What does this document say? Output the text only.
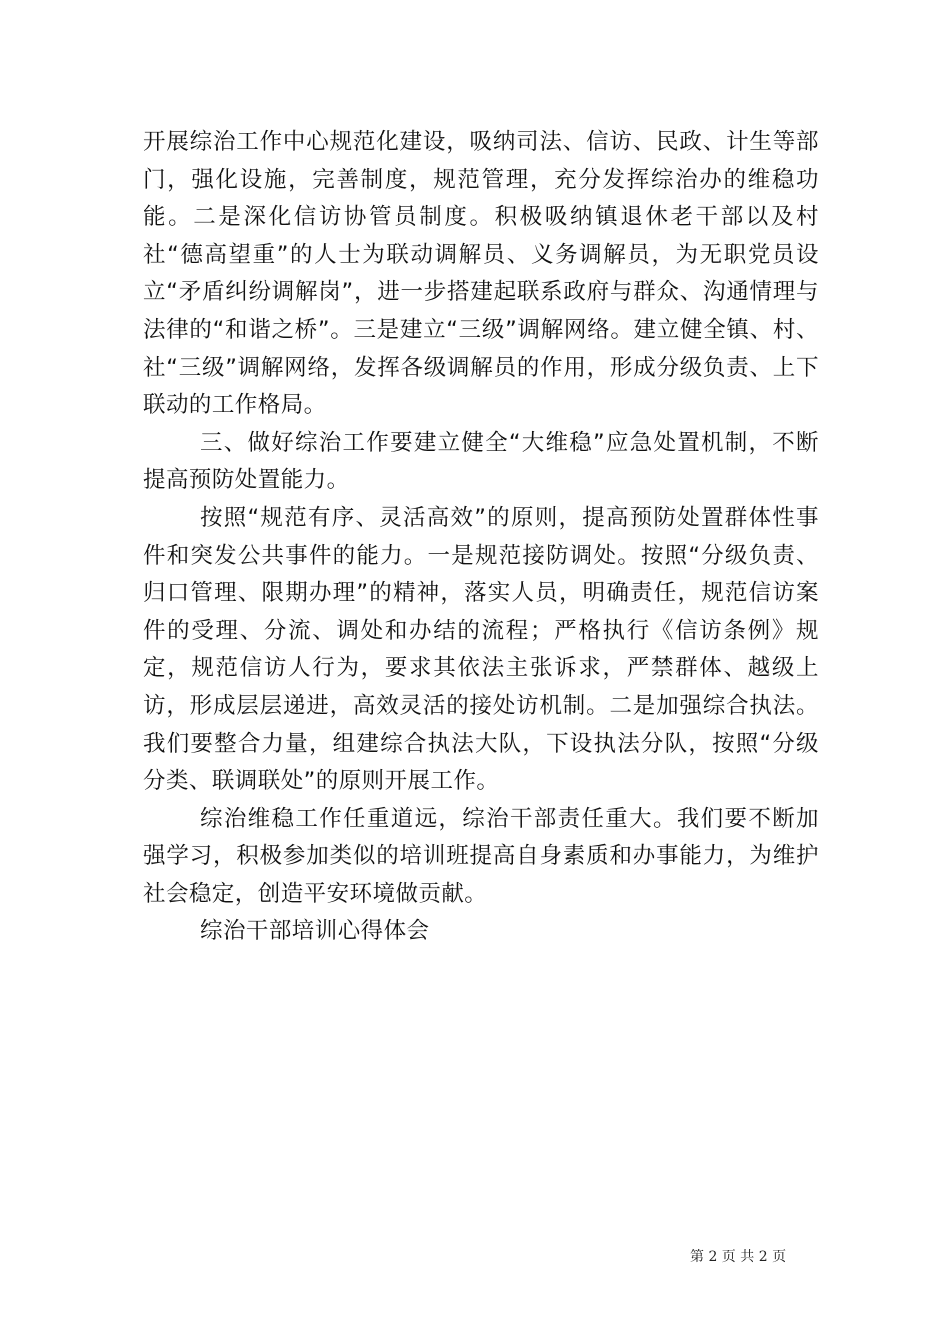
开展综治工作中心规范化建设，吸纳司法、信访、民政、计生等部门，强化设施，完善制度，规范管理，充分发挥综治办的维稳功能。二是深化信访协管员制度。积极吸纳镇退休老干部以及村社“德高望重”的人士为联动调解员、义务调解员，为无职党员设立“矛盾纠纷调解岗”，进一步搭建起联系政府与群众、沟通情理与法律的“和谐之桥”。三是建立“三级”调解网络。建立健全镇、村、社“三级”调解网络，发挥各级调解员的作用，形成分级负责、上下联动的工作格局。

三、做好综治工作要建立健全“大维稳”应急处置机制，不断提高预防处置能力。

按照“规范有序、灵活高效”的原则，提高预防处置群体性事件和突发公共事件的能力。一是规范接防调处。按照“分级负责、归口管理、限期办理”的精神，落实人员，明确责任，规范信访案件的受理、分流、调处和办结的流程；严格执行《信访条例》规定，规范信访人行为，要求其依法主张诉求，严禁群体、越级上访，形成层层递进，高效灵活的接处访机制。二是加强综合执法。我们要整合力量，组建综合执法大队，下设执法分队，按照“分级分类、联调联处”的原则开展工作。

综治维稳工作任重道远，综治干部责任重大。我们要不断加强学习，积极参加类似的培训班提高自身素质和办事能力，为维护社会稳定，创造平安环境做贡献。

综治干部培训心得体会

第 2 页 共 2 页
